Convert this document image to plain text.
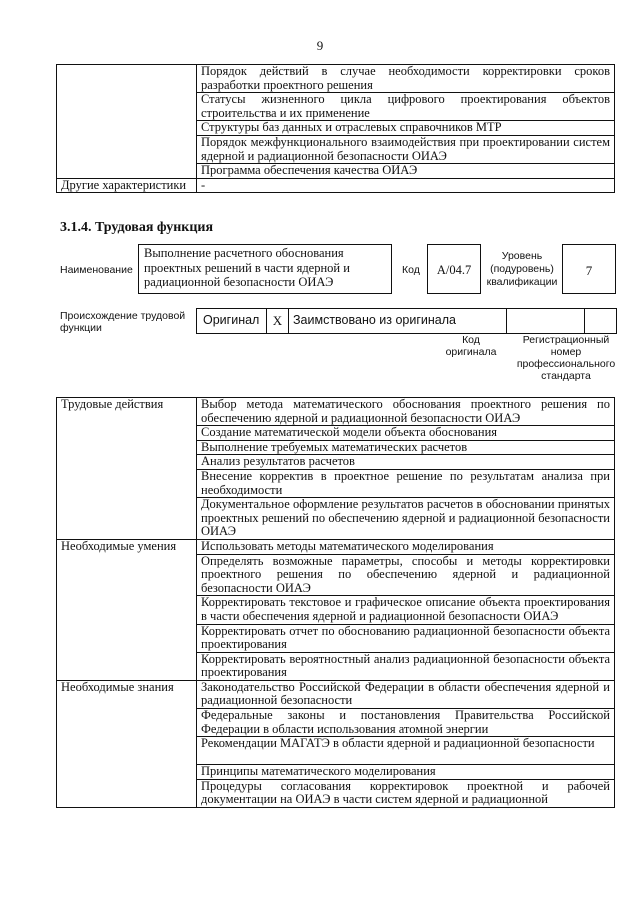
9
	Порядок действий в случае необходимости корректировки сроков разработки проектного решения
	Статусы жизненного цикла цифрового проектирования объектов строительства и их применение
	Структуры баз данных и отраслевых справочников МТР
	Порядок межфункционального взаимодействия при проектировании систем ядерной и радиационной безопасности ОИАЭ
	Программа обеспечения качества ОИАЭ
Другие характеристики	-
3.1.4. Трудовая функция
Наименование
Выполнение расчетного обоснования проектных решений в части ядерной и радиационной безопасности ОИАЭ
Код	А/04.7
Уровень (подуровень) квалификации
7
Происхождение трудовой функции
Оригинал	X	Заимствовано из оригинала		
Код оригинала
Регистрационный номер профессионального стандарта
Трудовые действия	Выбор метода математического обоснования проектного решения по обеспечению ядерной и радиационной безопасности ОИАЭ
	Создание математической модели объекта обоснования
	Выполнение требуемых математических расчетов
	Анализ результатов расчетов
	Внесение корректив в проектное решение по результатам анализа при необходимости
	Документальное оформление результатов расчетов в обосновании принятых проектных решений по обеспечению ядерной и радиационной безопасности ОИАЭ
Необходимые умения	Использовать методы математического моделирования
	Определять возможные параметры, способы и методы корректировки проектного решения по обеспечению ядерной и радиационной безопасности ОИАЭ
	Корректировать текстовое и графическое описание объекта проектирования в части обеспечения ядерной и радиационной безопасности ОИАЭ
	Корректировать отчет по обоснованию радиационной безопасности объекта проектирования
	Корректировать вероятностный анализ радиационной безопасности объекта проектирования
Необходимые знания	Законодательство Российской Федерации в области обеспечения ядерной и радиационной безопасности
	Федеральные законы и постановления Правительства Российской Федерации в области использования атомной энергии
	Рекомендации МАГАТЭ в области ядерной и радиационной безопасности
	Принципы математического моделирования
	Процедуры согласования корректировок проектной и рабочей документации на ОИАЭ в части систем ядерной и радиационной
